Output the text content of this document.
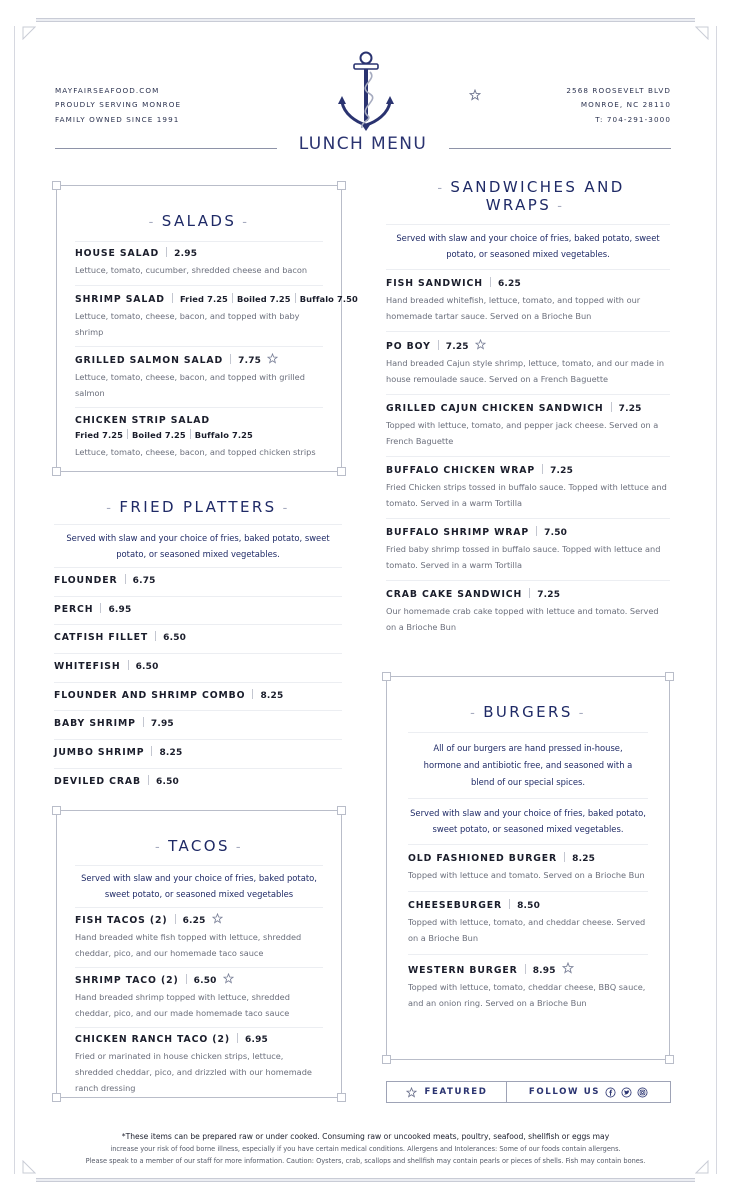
MAYFAIRSEAFOOD.COM
PROUDLY SERVING MONROE
FAMILY OWNED SINCE 1991
2568 ROOSEVELT BLVD
MONROE, NC 28110
T: 704-291-3000
LUNCH MENU
- SALADS -
HOUSE SALAD 2.95
Lettuce, tomato, cucumber, shredded cheese and bacon
SHRIMP SALAD Fried 7.25 Boiled 7.25 Buffalo 7.50
Lettuce, tomato, cheese, bacon, and topped with baby shrimp
GRILLED SALMON SALAD 7.75
Lettuce, tomato, cheese, bacon, and topped with grilled salmon
CHICKEN STRIP SALAD
Fried 7.25 Boiled 7.25 Buffalo 7.25
Lettuce, tomato, cheese, bacon, and topped chicken strips
- FRIED PLATTERS -
Served with slaw and your choice of fries, baked potato, sweet potato, or seasoned mixed vegetables.
FLOUNDER 6.75
PERCH 6.95
CATFISH FILLET 6.50
WHITEFISH 6.50
FLOUNDER AND SHRIMP COMBO 8.25
BABY SHRIMP 7.95
JUMBO SHRIMP 8.25
DEVILED CRAB 6.50
- TACOS -
Served with slaw and your choice of fries, baked potato, sweet potato, or seasoned mixed vegetables
FISH TACOS (2) 6.25
Hand breaded white fish topped with lettuce, shredded cheddar, pico, and our homemade taco sauce
SHRIMP TACO (2) 6.50
Hand breaded shrimp topped with lettuce, shredded cheddar, pico, and our made homemade taco sauce
CHICKEN RANCH TACO (2) 6.95
Fried or marinated in house chicken strips, lettuce, shredded cheddar, pico, and drizzled with our homemade ranch dressing
- SANDWICHES AND WRAPS -
Served with slaw and your choice of fries, baked potato, sweet potato, or seasoned mixed vegetables.
FISH SANDWICH 6.25
Hand breaded whitefish, lettuce, tomato, and topped with our homemade tartar sauce. Served on a Brioche Bun
PO BOY 7.25
Hand breaded Cajun style shrimp, lettuce, tomato, and our made in house remoulade sauce. Served on a French Baguette
GRILLED CAJUN CHICKEN SANDWICH 7.25
Topped with lettuce, tomato, and pepper jack cheese. Served on a French Baguette
BUFFALO CHICKEN WRAP 7.25
Fried Chicken strips tossed in buffalo sauce. Topped with lettuce and tomato. Served in a warm Tortilla
BUFFALO SHRIMP WRAP 7.50
Fried baby shrimp tossed in buffalo sauce. Topped with lettuce and tomato. Served in a warm Tortilla
CRAB CAKE SANDWICH 7.25
Our homemade crab cake topped with lettuce and tomato. Served on a Brioche Bun
- BURGERS -
All of our burgers are hand pressed in-house, hormone and antibiotic free, and seasoned with a blend of our special spices.
Served with slaw and your choice of fries, baked potato, sweet potato, or seasoned mixed vegetables.
OLD FASHIONED BURGER 8.25
Topped with lettuce and tomato. Served on a Brioche Bun
CHEESEBURGER 8.50
Topped with lettuce, tomato, and cheddar cheese. Served on a Brioche Bun
WESTERN BURGER 8.95
Topped with lettuce, tomato, cheddar cheese, BBQ sauce, and an onion ring. Served on a Brioche Bun
FEATURED	FOLLOW US
*These items can be prepared raw or under cooked. Consuming raw or uncooked meats, poultry, seafood, shellfish or eggs may
increase your risk of food borne illness, especially if you have certain medical conditions. Allergens and Intolerances: Some of our foods contain allergens.
Please speak to a member of our staff for more information. Caution: Oysters, crab, scallops and shellfish may contain pearls or pieces of shells. Fish may contain bones.
